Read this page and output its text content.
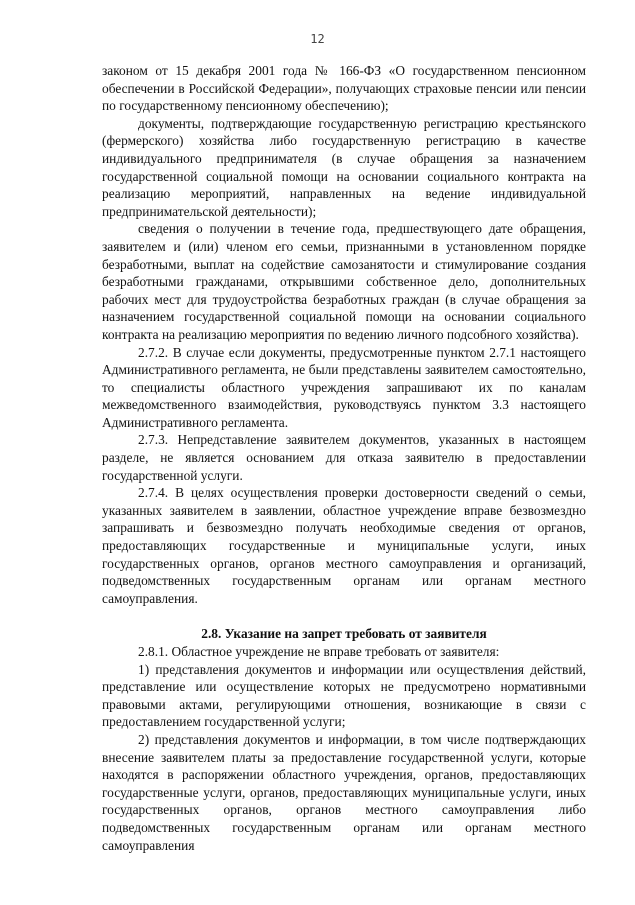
12

законом от 15 декабря 2001 года № 166-ФЗ «О государственном пенсионном обеспечении в Российской Федерации», получающих страховые пенсии или пенсии по государственному пенсионному обеспечению);

документы, подтверждающие государственную регистрацию крестьянского (фермерского) хозяйства либо государственную регистрацию в качестве индивидуального предпринимателя (в случае обращения за назначением государственной социальной помощи на основании социального контракта на реализацию мероприятий, направленных на ведение индивидуальной предпринимательской деятельности);

сведения о получении в течение года, предшествующего дате обращения, заявителем и (или) членом его семьи, признанными в установленном порядке безработными, выплат на содействие самозанятости и стимулирование создания безработными гражданами, открывшими собственное дело, дополнительных рабочих мест для трудоустройства безработных граждан (в случае обращения за назначением государственной социальной помощи на основании социального контракта на реализацию мероприятия по ведению личного подсобного хозяйства).

2.7.2. В случае если документы, предусмотренные пунктом 2.7.1 настоящего Административного регламента, не были представлены заявителем самостоятельно, то специалисты областного учреждения запрашивают их по каналам межведомственного взаимодействия, руководствуясь пунктом 3.3 настоящего Административного регламента.

2.7.3. Непредставление заявителем документов, указанных в настоящем разделе, не является основанием для отказа заявителю в предоставлении государственной услуги.

2.7.4. В целях осуществления проверки достоверности сведений о семьи, указанных заявителем в заявлении, областное учреждение вправе безвозмездно запрашивать и безвозмездно получать необходимые сведения от органов, предоставляющих государственные и муниципальные услуги, иных государственных органов, органов местного самоуправления и организаций, подведомственных государственным органам или органам местного самоуправления.

2.8. Указание на запрет требовать от заявителя

2.8.1. Областное учреждение не вправе требовать от заявителя:

1) представления документов и информации или осуществления действий, представление или осуществление которых не предусмотрено нормативными правовыми актами, регулирующими отношения, возникающие в связи с предоставлением государственной услуги;

2) представления документов и информации, в том числе подтверждающих внесение заявителем платы за предоставление государственной услуги, которые находятся в распоряжении областного учреждения, органов, предоставляющих государственные услуги, органов, предоставляющих муниципальные услуги, иных государственных органов, органов местного самоуправления либо подведомственных государственным органам или органам местного самоуправления
